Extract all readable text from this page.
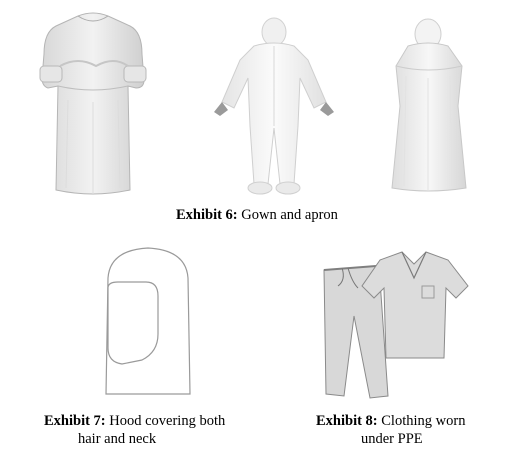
Exhibit 6: Gown and apron
Exhibit 7: Hood covering both
hair and neck
Exhibit 8: Clothing worn
under PPE
